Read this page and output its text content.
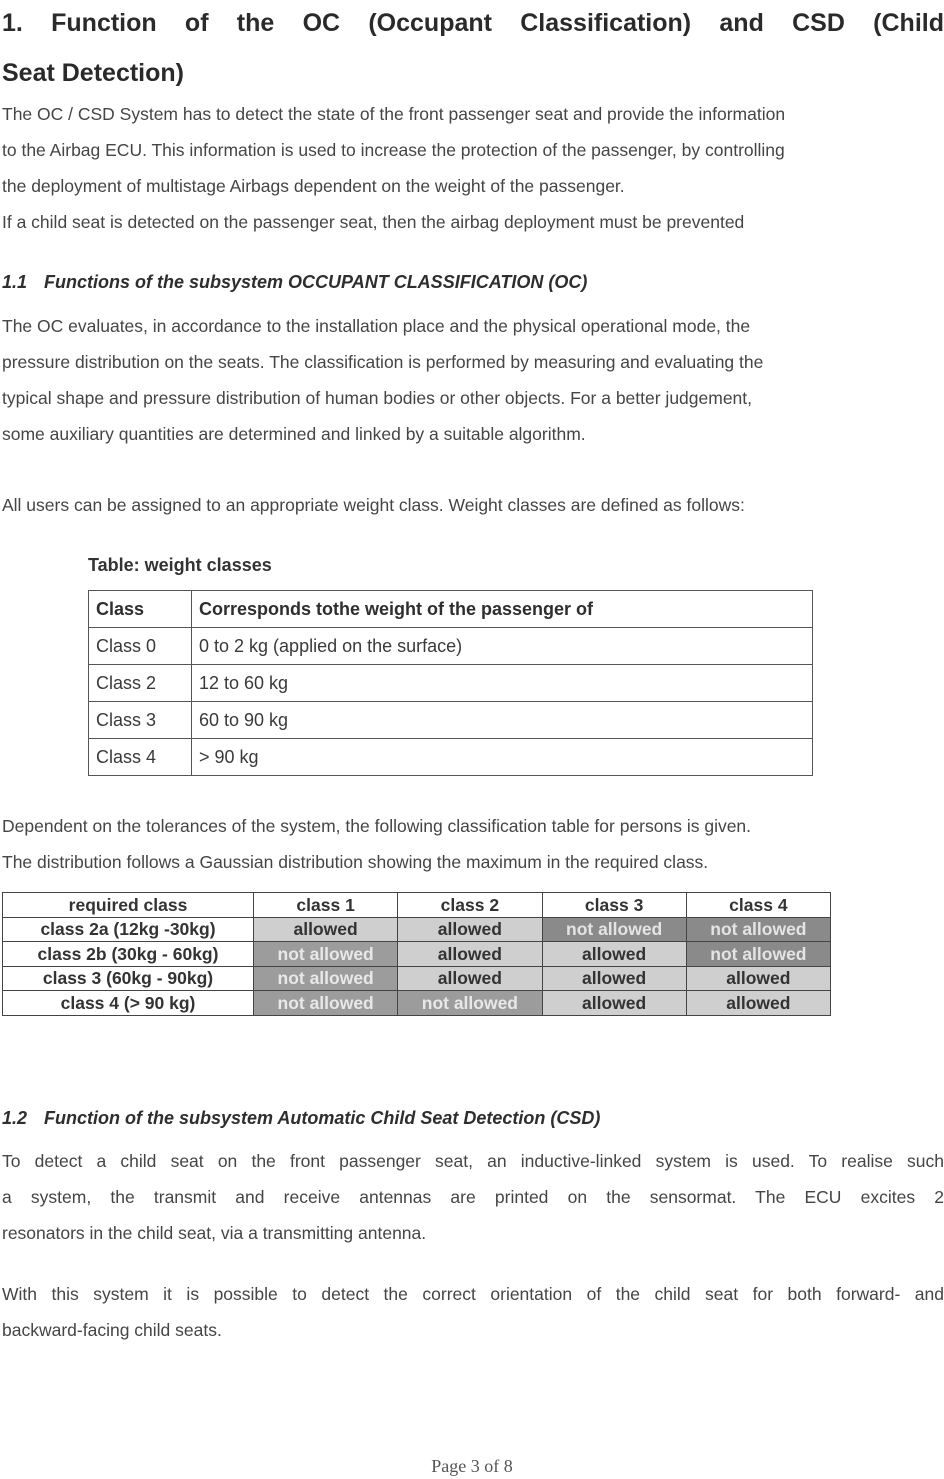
1. Function of the OC (Occupant Classification) and CSD (Child
Seat Detection)
The OC / CSD System has to detect the state of the front passenger seat and provide the information
to the Airbag ECU. This information is used to increase the protection of the passenger, by controlling
the deployment of multistage Airbags dependent on the weight of the passenger.
If a child seat is detected on the passenger seat, then the airbag deployment must be prevented
1.1 Functions of the subsystem OCCUPANT CLASSIFICATION (OC)
The OC evaluates, in accordance to the installation place and the physical operational mode, the
pressure distribution on the seats. The classification is performed by measuring and evaluating the
typical shape and pressure distribution of human bodies or other objects. For a better judgement,
some auxiliary quantities are determined and linked by a suitable algorithm.
All users can be assigned to an appropriate weight class. Weight classes are defined as follows:
Table: weight classes
Class	Corresponds tothe weight of the passenger of
Class 0	0 to 2 kg (applied on the surface)
Class 2	12 to 60 kg
Class 3	60 to 90 kg
Class 4	> 90 kg
Dependent on the tolerances of the system, the following classification table for persons is given.
The distribution follows a Gaussian distribution showing the maximum in the required class.
required class	class 1	class 2	class 3	class 4
class 2a (12kg -30kg)	allowed	allowed	not allowed	not allowed
class 2b (30kg - 60kg)	not allowed	allowed	allowed	not allowed
class 3 (60kg - 90kg)	not allowed	allowed	allowed	allowed
class 4 (> 90 kg)	not allowed	not allowed	allowed	allowed
1.2 Function of the subsystem Automatic Child Seat Detection (CSD)
To detect a child seat on the front passenger seat, an inductive-linked system is used. To realise such
a system, the transmit and receive antennas are printed on the sensormat. The ECU excites 2
resonators in the child seat, via a transmitting antenna.
With this system it is possible to detect the correct orientation of the child seat for both forward- and
backward-facing child seats.
Page 3 of 8
